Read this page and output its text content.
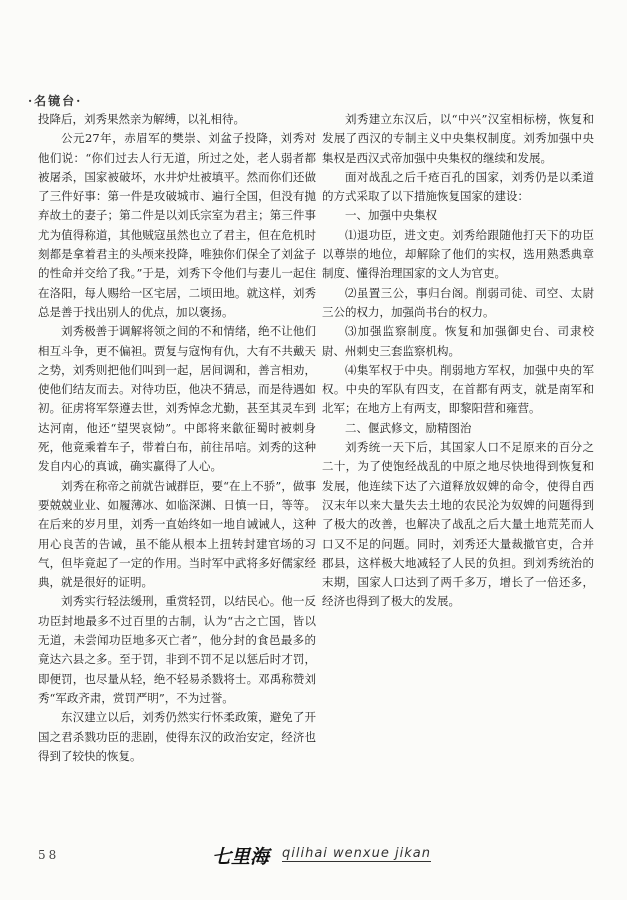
·名镜台·

投降后，刘秀果然亲为解缚，以礼相待。

公元27年，赤眉军的樊崇、刘盆子投降，刘秀对他们说：“你们过去人行无道，所过之处，老人弱者都被屠杀，国家被破坏，水井炉灶被填平。然而你们还做了三件好事：第一件是攻破城市、遍行全国，但没有抛弃故土的妻子；第二件是以刘氏宗室为君主；第三件事尤为值得称道，其他贼寇虽然也立了君主，但在危机时刻都是拿着君主的头颅来投降，唯独你们保全了刘盆子的性命并交给了我。”于是，刘秀下令他们与妻儿一起住在洛阳，每人赐给一区宅居，二顷田地。就这样，刘秀总是善于找出别人的优点，加以褒扬。

刘秀极善于调解将领之间的不和情绪，绝不让他们相互斗争，更不偏袒。贾复与寇恂有仇，大有不共戴天之势，刘秀则把他们叫到一起，居间调和，善言相劝，使他们结友而去。对待功臣，他决不猜忌，而是待遇如初。征虏将军祭遵去世，刘秀悼念尤勤，甚至其灵车到达河南，他还“望哭哀恸”。中郎将来歙征蜀时被刺身死，他竟乘着车子，带着白布，前往吊唁。刘秀的这种发自内心的真诚，确实赢得了人心。

刘秀在称帝之前就告诫群臣，要“在上不骄”，做事要兢兢业业、如履薄冰、如临深渊、日慎一日，等等。在后来的岁月里，刘秀一直始终如一地自诫诫人，这种用心良苦的告诫，虽不能从根本上扭转封建官场的习气，但毕竟起了一定的作用。当时军中武将多好儒家经典，就是很好的证明。

刘秀实行轻法缓刑，重赏轻罚，以结民心。他一反功臣封地最多不过百里的古制，认为“古之亡国，皆以无道，未尝闻功臣地多灭亡者”，他分封的食邑最多的竟达六县之多。至于罚，非到不罚不足以惩后时才罚，即便罚，也尽量从轻，绝不轻易杀戮将士。邓禹称赞刘秀“军政齐肃，赏罚严明”，不为过誉。

东汉建立以后，刘秀仍然实行怀柔政策，避免了开国之君杀戮功臣的悲剧，使得东汉的政治安定，经济也得到了较快的恢复。

刘秀建立东汉后，以“中兴”汉室相标榜，恢复和发展了西汉的专制主义中央集权制度。刘秀加强中央集权是西汉式帝加强中央集权的继续和发展。

面对战乱之后千疮百孔的国家，刘秀仍是以柔道的方式采取了以下措施恢复国家的建设：

一、加强中央集权

⑴退功臣，进文吏。刘秀给跟随他打天下的功臣以尊崇的地位，却解除了他们的实权，选用熟悉典章制度、懂得治理国家的文人为官吏。

⑵虽置三公，事归台阁。削弱司徒、司空、太尉三公的权力，加强尚书台的权力。

⑶加强监察制度。恢复和加强御史台、司隶校尉、州刺史三套监察机构。

⑷集军权于中央。削弱地方军权，加强中央的军权。中央的军队有四支，在首都有两支，就是南军和北军；在地方上有两支，即黎阳营和雍营。

二、偃武修文，励精图治

刘秀统一天下后，其国家人口不足原来的百分之二十，为了使饱经战乱的中原之地尽快地得到恢复和发展，他连续下达了六道释放奴婢的命令，使得自西汉末年以来大量失去土地的农民沦为奴婢的问题得到了极大的改善，也解决了战乱之后大量土地荒芜而人口又不足的问题。同时，刘秀还大量裁撤官吏，合并郡县，这样极大地减轻了人民的负担。到刘秀统治的末期，国家人口达到了两千多万，增长了一倍还多，经济也得到了极大的发展。

58	七里海 qilihai wenxue jikan
